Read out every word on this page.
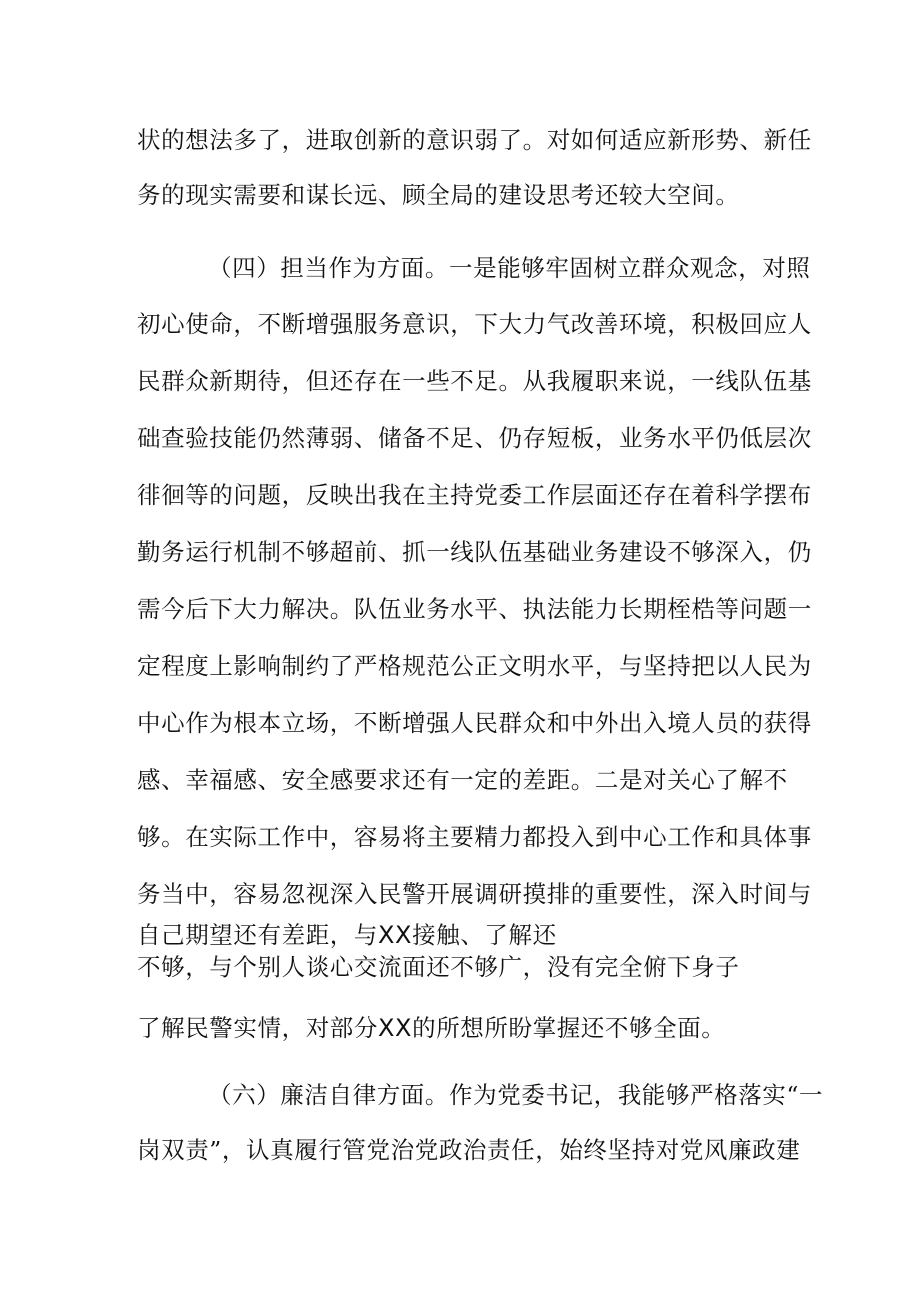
状的想法多了，进取创新的意识弱了。对如何适应新形势、新任
务的现实需要和谋长远、顾全局的建设思考还较大空间。
（四）担当作为方面。一是能够牢固树立群众观念，对照
初心使命，不断增强服务意识，下大力气改善环境，积极回应人
民群众新期待，但还存在一些不足。从我履职来说，一线队伍基
础查验技能仍然薄弱、储备不足、仍存短板，业务水平仍低层次
徘徊等的问题，反映出我在主持党委工作层面还存在着科学摆布
勤务运行机制不够超前、抓一线队伍基础业务建设不够深入，仍
需今后下大力解决。队伍业务水平、执法能力长期桎梏等问题一
定程度上影响制约了严格规范公正文明水平，与坚持把以人民为
中心作为根本立场，不断增强人民群众和中外出入境人员的获得
感、幸福感、安全感要求还有一定的差距。二是对关心了解不
够。在实际工作中，容易将主要精力都投入到中心工作和具体事
务当中，容易忽视深入民警开展调研摸排的重要性，深入时间与
自己期望还有差距，与XX接触、了解还
不够，与个别人谈心交流面还不够广，没有完全俯下身子
了解民警实情，对部分XX的所想所盼掌握还不够全面。
（六）廉洁自律方面。作为党委书记，我能够严格落实“一
岗双责”，认真履行管党治党政治责任，始终坚持对党风廉政建
